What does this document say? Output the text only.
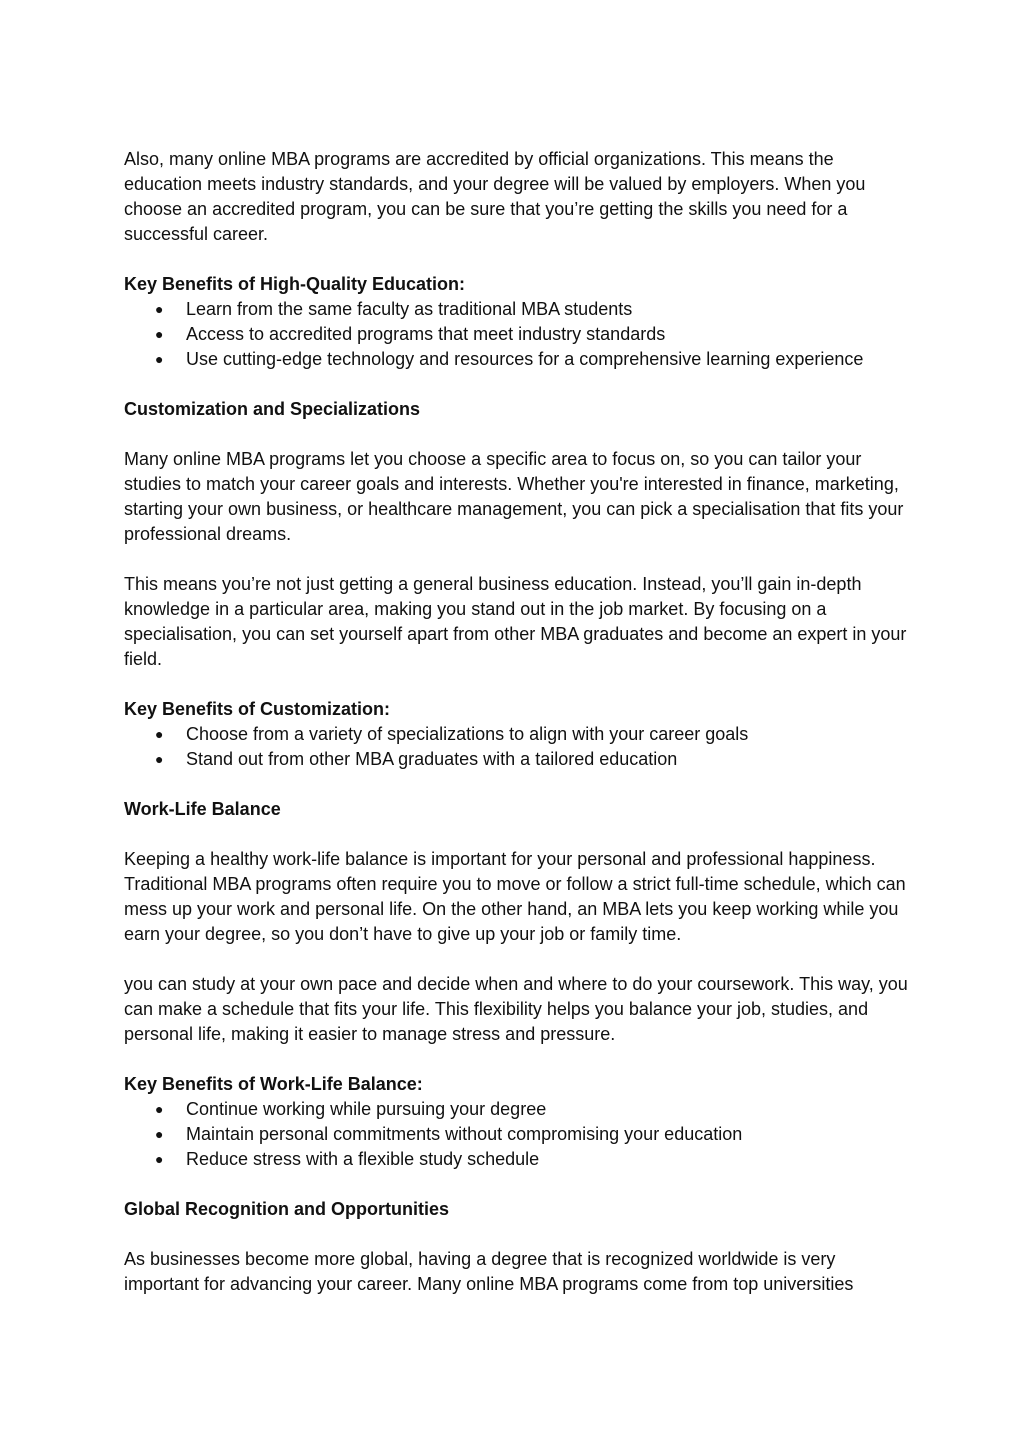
Also, many online MBA programs are accredited by official organizations. This means the education meets industry standards, and your degree will be valued by employers. When you choose an accredited program, you can be sure that you’re getting the skills you need for a successful career.

Key Benefits of High-Quality Education:

● Learn from the same faculty as traditional MBA students
● Access to accredited programs that meet industry standards
● Use cutting-edge technology and resources for a comprehensive learning experience

Customization and Specializations

Many online MBA programs let you choose a specific area to focus on, so you can tailor your studies to match your career goals and interests. Whether you're interested in finance, marketing, starting your own business, or healthcare management, you can pick a specialisation that fits your professional dreams.

This means you’re not just getting a general business education. Instead, you’ll gain in-depth knowledge in a particular area, making you stand out in the job market. By focusing on a specialisation, you can set yourself apart from other MBA graduates and become an expert in your field.

Key Benefits of Customization:

● Choose from a variety of specializations to align with your career goals
● Stand out from other MBA graduates with a tailored education

Work-Life Balance

Keeping a healthy work-life balance is important for your personal and professional happiness. Traditional MBA programs often require you to move or follow a strict full-time schedule, which can mess up your work and personal life. On the other hand, an MBA lets you keep working while you earn your degree, so you don’t have to give up your job or family time.

you can study at your own pace and decide when and where to do your coursework. This way, you can make a schedule that fits your life. This flexibility helps you balance your job, studies, and personal life, making it easier to manage stress and pressure.

Key Benefits of Work-Life Balance:

● Continue working while pursuing your degree
● Maintain personal commitments without compromising your education
● Reduce stress with a flexible study schedule

Global Recognition and Opportunities

As businesses become more global, having a degree that is recognized worldwide is very important for advancing your career. Many online MBA programs come from top universities
